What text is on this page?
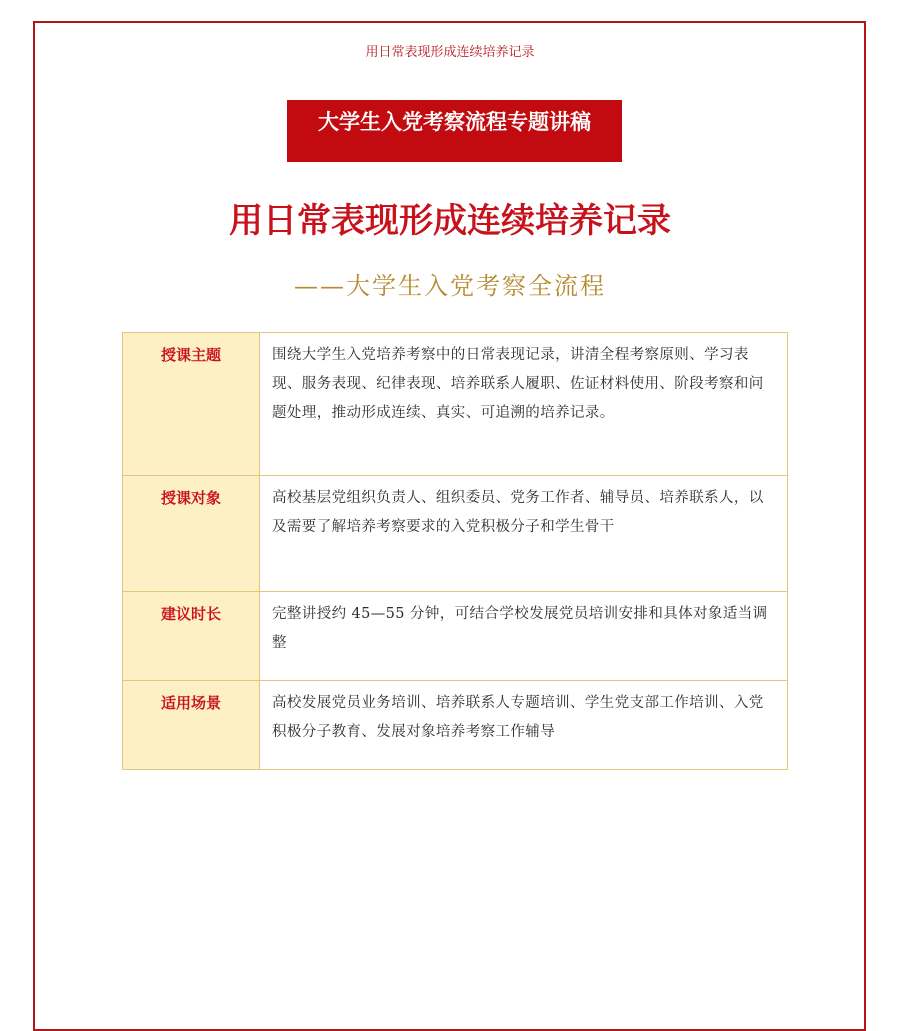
用日常表现形成连续培养记录
大学生入党考察流程专题讲稿
用日常表现形成连续培养记录
——大学生入党考察全流程
授课主题	围绕大学生入党培养考察中的日常表现记录，讲清全程考察原则、学习表现、服务表现、纪律表现、培养联系人履职、佐证材料使用、阶段考察和问题处理，推动形成连续、真实、可追溯的培养记录。
授课对象	高校基层党组织负责人、组织委员、党务工作者、辅导员、培养联系人，以及需要了解培养考察要求的入党积极分子和学生骨干
建议时长	完整讲授约 45—55 分钟，可结合学校发展党员培训安排和具体对象适当调整
适用场景	高校发展党员业务培训、培养联系人专题培训、学生党支部工作培训、入党积极分子教育、发展对象培养考察工作辅导
